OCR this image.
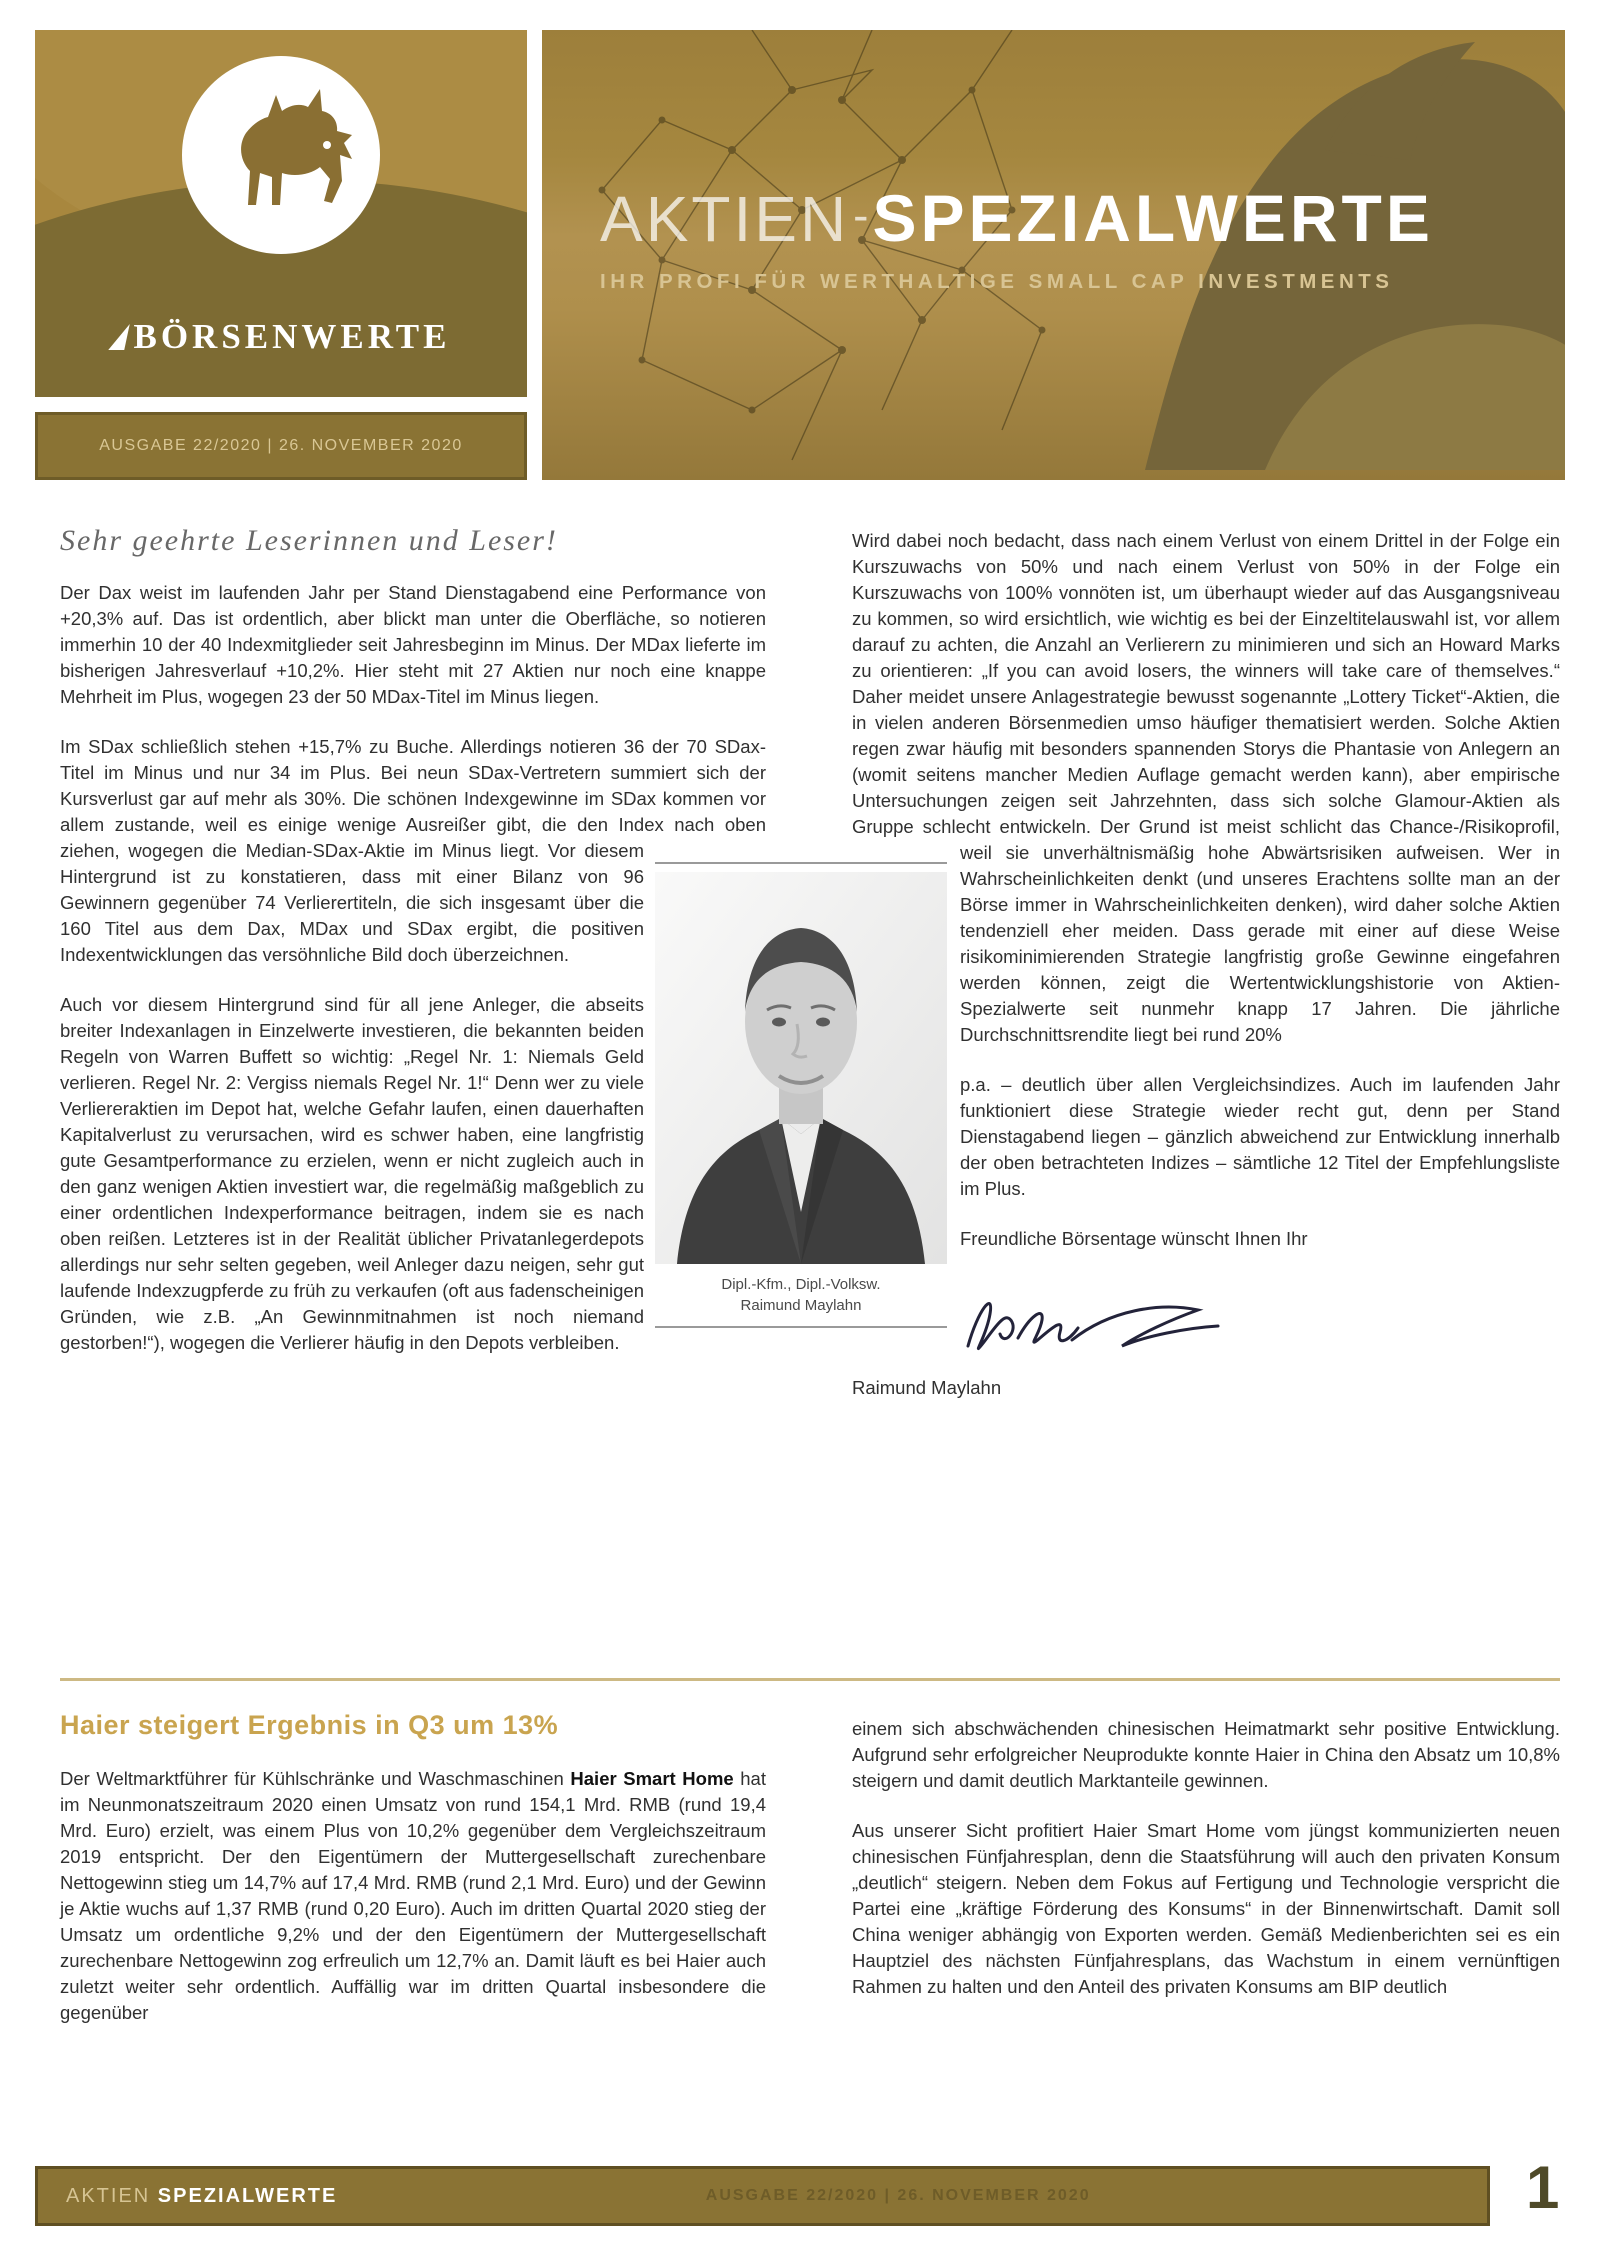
BÖRSENWERTE
AUSGABE 22/2020 | 26. NOVEMBER 2020
AKTIEN-SPEZIALWERTE
IHR PROFI FÜR WERTHALTIGE SMALL CAP INVESTMENTS
Sehr geehrte Leserinnen und Leser!

Der Dax weist im laufenden Jahr per Stand Dienstagabend eine Performance von +20,3% auf. Das ist ordentlich, aber blickt man unter die Oberfläche, so notieren immerhin 10 der 40 Indexmitglieder seit Jahresbeginn im Minus. Der MDax lieferte im bisherigen Jahresverlauf +10,2%. Hier steht mit 27 Aktien nur noch eine knappe Mehrheit im Plus, wogegen 23 der 50 MDax-Titel im Minus liegen.

Im SDax schließlich stehen +15,7% zu Buche. Allerdings notieren 36 der 70 SDax-Titel im Minus und nur 34 im Plus. Bei neun SDax-Vertretern summiert sich der Kursverlust gar auf mehr als 30%. Die schönen Indexgewinne im SDax kommen vor allem zustande, weil es einige wenige Ausreißer gibt, die den Index nach oben ziehen, wogegen die Median-SDax-Aktie im Minus liegt. Vor diesem Hintergrund ist zu konstatieren, dass mit einer Bilanz von 96 Gewinnern gegenüber 74 Verlierertiteln, die sich insgesamt über die 160 Titel aus dem Dax, MDax und SDax ergibt, die positiven Indexentwicklungen das versöhnliche Bild doch überzeichnen.

Auch vor diesem Hintergrund sind für all jene Anleger, die abseits breiter Indexanlagen in Einzelwerte investieren, die bekannten beiden Regeln von Warren Buffett so wichtig: „Regel Nr. 1: Niemals Geld verlieren. Regel Nr. 2: Vergiss niemals Regel Nr. 1!“ Denn wer zu viele Verliereraktien im Depot hat, welche Gefahr laufen, einen dauerhaften Kapitalverlust zu verursachen, wird es schwer haben, eine langfristig gute Gesamtperformance zu erzielen, wenn er nicht zugleich auch in den ganz wenigen Aktien investiert war, die regelmäßig maßgeblich zu einer ordentlichen Indexperformance beitragen, indem sie es nach oben reißen. Letzteres ist in der Realität üblicher Privatanlegerdepots allerdings nur sehr selten gegeben, weil Anleger dazu neigen, sehr gut laufende Indexzugpferde zu früh zu verkaufen (oft aus fadenscheinigen Gründen, wie z.B. „An Gewinnmitnahmen ist noch niemand gestorben!“), wogegen die Verlierer häufig in den Depots verbleiben.

Wird dabei noch bedacht, dass nach einem Verlust von einem Drittel in der Folge ein Kurszuwachs von 50% und nach einem Verlust von 50% in der Folge ein Kurszuwachs von 100% vonnöten ist, um überhaupt wieder auf das Ausgangsniveau zu kommen, so wird ersichtlich, wie wichtig es bei der Einzeltitelauswahl ist, vor allem darauf zu achten, die Anzahl an Verlierern zu minimieren und sich an Howard Marks zu orientieren: „If you can avoid losers, the winners will take care of themselves.“ Daher meidet unsere Anlagestrategie bewusst sogenannte „Lottery Ticket“-Aktien, die in vielen anderen Börsenmedien umso häufiger thematisiert werden. Solche Aktien regen zwar häufig mit besonders spannenden Storys die Phantasie von Anlegern an (womit seitens mancher Medien Auflage gemacht werden kann), aber empirische Untersuchungen zeigen seit Jahrzehnten, dass sich solche Glamour-Aktien als Gruppe schlecht entwickeln. Der Grund ist meist schlicht das Chance-/Risikoprofil, weil sie unverhältnismäßig hohe Abwärtsrisiken aufweisen. Wer in Wahrscheinlichkeiten denkt (und unseres Erachtens sollte man an der Börse immer in Wahrscheinlichkeiten denken), wird daher solche Aktien tendenziell eher meiden. Dass gerade mit einer auf diese Weise risikominimierenden Strategie langfristig große Gewinne eingefahren werden können, zeigt die Wertentwicklungshistorie von Aktien-Spezialwerte seit nunmehr knapp 17 Jahren. Die jährliche Durchschnittsrendite liegt bei rund 20%

p.a. – deutlich über allen Vergleichsindizes. Auch im laufenden Jahr funktioniert diese Strategie wieder recht gut, denn per Stand Dienstagabend liegen – gänzlich abweichend zur Entwicklung innerhalb der oben betrachteten Indizes – sämtliche 12 Titel der Empfehlungsliste im Plus.

Freundliche Börsentage wünscht Ihnen Ihr

Raimund Maylahn

Dipl.-Kfm., Dipl.-Volksw.
Raimund Maylahn
Haier steigert Ergebnis in Q3 um 13%

Der Weltmarktführer für Kühlschränke und Waschmaschinen Haier Smart Home hat im Neunmonatszeitraum 2020 einen Umsatz von rund 154,1 Mrd. RMB (rund 19,4 Mrd. Euro) erzielt, was einem Plus von 10,2% gegenüber dem Vergleichszeitraum 2019 entspricht. Der den Eigentümern der Muttergesellschaft zurechenbare Nettogewinn stieg um 14,7% auf 17,4 Mrd. RMB (rund 2,1 Mrd. Euro) und der Gewinn je Aktie wuchs auf 1,37 RMB (rund 0,20 Euro). Auch im dritten Quartal 2020 stieg der Umsatz um ordentliche 9,2% und der den Eigentümern der Muttergesellschaft zurechenbare Nettogewinn zog erfreulich um 12,7% an. Damit läuft es bei Haier auch zuletzt weiter sehr ordentlich. Auffällig war im dritten Quartal insbesondere die gegenüber

einem sich abschwächenden chinesischen Heimatmarkt sehr positive Entwicklung. Aufgrund sehr erfolgreicher Neuprodukte konnte Haier in China den Absatz um 10,8% steigern und damit deutlich Marktanteile gewinnen.

Aus unserer Sicht profitiert Haier Smart Home vom jüngst kommunizierten neuen chinesischen Fünfjahresplan, denn die Staatsführung will auch den privaten Konsum „deutlich“ steigern. Neben dem Fokus auf Fertigung und Technologie verspricht die Partei eine „kräftige Förderung des Konsums“ in der Binnenwirtschaft. Damit soll China weniger abhängig von Exporten werden. Gemäß Medienberichten sei es ein Hauptziel des nächsten Fünfjahresplans, das Wachstum in einem vernünftigen Rahmen zu halten und den Anteil des privaten Konsums am BIP deutlich

AKTIEN SPEZIALWERTE	AUSGABE 22/2020 | 26. NOVEMBER 2020	1
